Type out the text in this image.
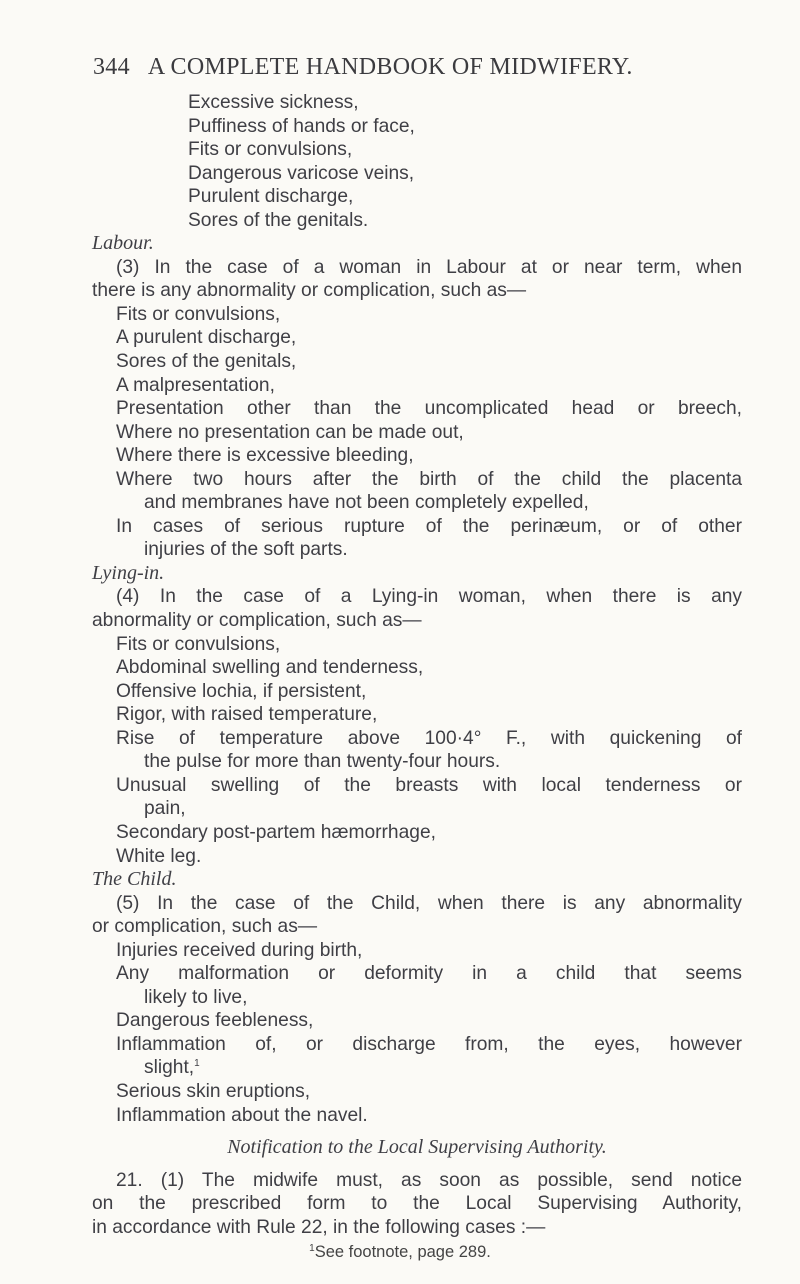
344 A COMPLETE HANDBOOK OF MIDWIFERY.
Excessive sickness,
Puffiness of hands or face,
Fits or convulsions,
Dangerous varicose veins,
Purulent discharge,
Sores of the genitals.
Labour.
(3) In the case of a woman in Labour at or near term, when
there is any abnormality or complication, such as—
Fits or convulsions,
A purulent discharge,
Sores of the genitals,
A malpresentation,
Presentation other than the uncomplicated head or breech,
Where no presentation can be made out,
Where there is excessive bleeding,
Where two hours after the birth of the child the placenta
and membranes have not been completely expelled,
In cases of serious rupture of the perinæum, or of other
injuries of the soft parts.
Lying-in.
(4) In the case of a Lying-in woman, when there is any
abnormality or complication, such as—
Fits or convulsions,
Abdominal swelling and tenderness,
Offensive lochia, if persistent,
Rigor, with raised temperature,
Rise of temperature above 100·4° F., with quickening of
the pulse for more than twenty-four hours.
Unusual swelling of the breasts with local tenderness or
pain,
Secondary post-partem hæmorrhage,
White leg.
The Child.
(5) In the case of the Child, when there is any abnormality
or complication, such as—
Injuries received during birth,
Any malformation or deformity in a child that seems
likely to live,
Dangerous feebleness,
Inflammation of, or discharge from, the eyes, however
slight,$^1$
Serious skin eruptions,
Inflammation about the navel.
Notification to the Local Supervising Authority.
21. (1) The midwife must, as soon as possible, send notice
on the prescribed form to the Local Supervising Authority,
in accordance with Rule 22, in the following cases :—
$^1$See footnote, page 289.
